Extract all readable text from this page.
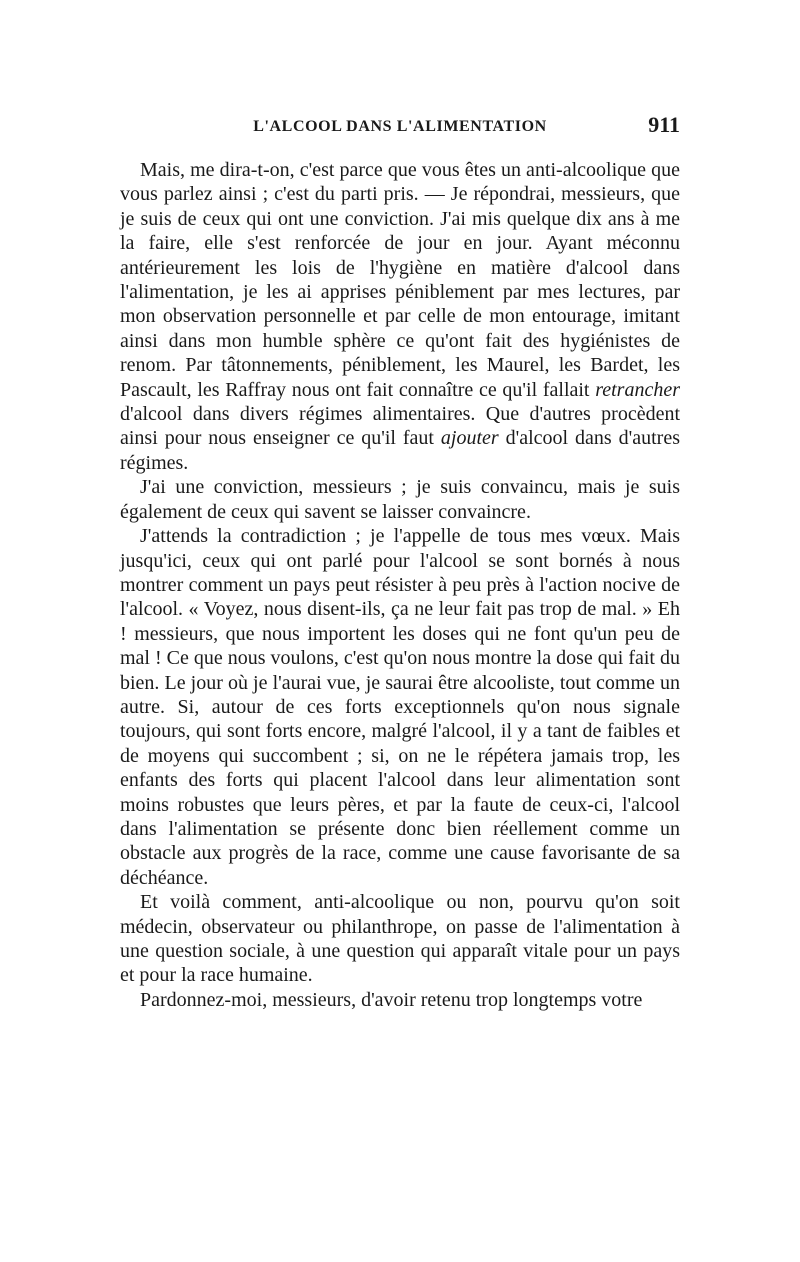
L'ALCOOL DANS L'ALIMENTATION	911

Mais, me dira-t-on, c'est parce que vous êtes un anti-alcoolique que vous parlez ainsi ; c'est du parti pris. — Je répondrai, messieurs, que je suis de ceux qui ont une conviction. J'ai mis quelque dix ans à me la faire, elle s'est renforcée de jour en jour. Ayant méconnu antérieurement les lois de l'hygiène en matière d'alcool dans l'alimentation, je les ai apprises péniblement par mes lectures, par mon observation personnelle et par celle de mon entourage, imitant ainsi dans mon humble sphère ce qu'ont fait des hygiénistes de renom. Par tâtonnements, péniblement, les Maurel, les Bardet, les Pascault, les Raffray nous ont fait connaître ce qu'il fallait retrancher d'alcool dans divers régimes alimentaires. Que d'autres procèdent ainsi pour nous enseigner ce qu'il faut ajouter d'alcool dans d'autres régimes.

J'ai une conviction, messieurs ; je suis convaincu, mais je suis également de ceux qui savent se laisser convaincre.

J'attends la contradiction ; je l'appelle de tous mes vœux. Mais jusqu'ici, ceux qui ont parlé pour l'alcool se sont bornés à nous montrer comment un pays peut résister à peu près à l'action nocive de l'alcool. « Voyez, nous disent-ils, ça ne leur fait pas trop de mal. » Eh ! messieurs, que nous importent les doses qui ne font qu'un peu de mal ! Ce que nous voulons, c'est qu'on nous montre la dose qui fait du bien. Le jour où je l'aurai vue, je saurai être alcooliste, tout comme un autre. Si, autour de ces forts exceptionnels qu'on nous signale toujours, qui sont forts encore, malgré l'alcool, il y a tant de faibles et de moyens qui succombent ; si, on ne le répétera jamais trop, les enfants des forts qui placent l'alcool dans leur alimentation sont moins robustes que leurs pères, et par la faute de ceux-ci, l'alcool dans l'alimentation se présente donc bien réellement comme un obstacle aux progrès de la race, comme une cause favorisante de sa déchéance.

Et voilà comment, anti-alcoolique ou non, pourvu qu'on soit médecin, observateur ou philanthrope, on passe de l'alimentation à une question sociale, à une question qui apparaît vitale pour un pays et pour la race humaine.

Pardonnez-moi, messieurs, d'avoir retenu trop longtemps votre
